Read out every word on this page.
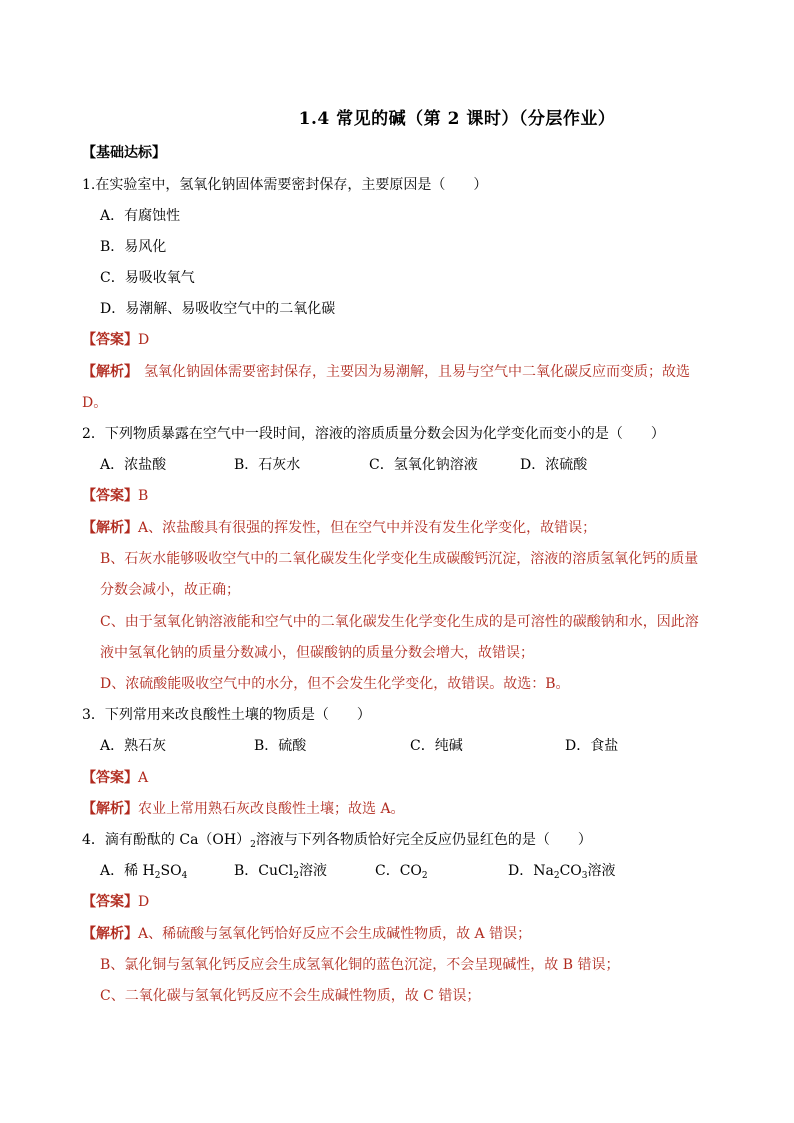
1.4 常见的碱（第 2 课时）（分层作业）
【基础达标】
1.在实验室中，氢氧化钠固体需要密封保存，主要原因是（　　）
A．有腐蚀性
B．易风化
C．易吸收氧气
D．易潮解、易吸收空气中的二氧化碳
【答案】D
【解析】 氢氧化钠固体需要密封保存，主要因为易潮解，且易与空气中二氧化碳反应而变质；故选
D。
2．下列物质暴露在空气中一段时间，溶液的溶质质量分数会因为化学变化而变小的是（　　）
A．浓盐酸	B．石灰水	C．氢氧化钠溶液	D．浓硫酸
【答案】B
【解析】A、浓盐酸具有很强的挥发性，但在空气中并没有发生化学变化，故错误；
B、石灰水能够吸收空气中的二氧化碳发生化学变化生成碳酸钙沉淀，溶液的溶质氢氧化钙的质量
分数会减小，故正确；
C、由于氢氧化钠溶液能和空气中的二氧化碳发生化学变化生成的是可溶性的碳酸钠和水，因此溶
液中氢氧化钠的质量分数减小，但碳酸钠的质量分数会增大，故错误；
D、浓硫酸能吸收空气中的水分，但不会发生化学变化，故错误。故选：B。
3．下列常用来改良酸性土壤的物质是（　　）
A．熟石灰	B．硫酸	C．纯碱	D．食盐
【答案】A
【解析】农业上常用熟石灰改良酸性土壤；故选 A。
4．滴有酚酞的 $Ca(OH)_2$溶液与下列各物质恰好完全反应仍显红色的是（　　）
A．稀 $H_2SO_4$	B．CuCl$_2$溶液	C．$CO_2$	D．$Na_2CO_3$溶液
【答案】D
【解析】A、稀硫酸与氢氧化钙恰好反应不会生成碱性物质，故 A 错误；
B、氯化铜与氢氧化钙反应会生成氢氧化铜的蓝色沉淀，不会呈现碱性，故 B 错误；
C、二氧化碳与氢氧化钙反应不会生成碱性物质，故 C 错误；
